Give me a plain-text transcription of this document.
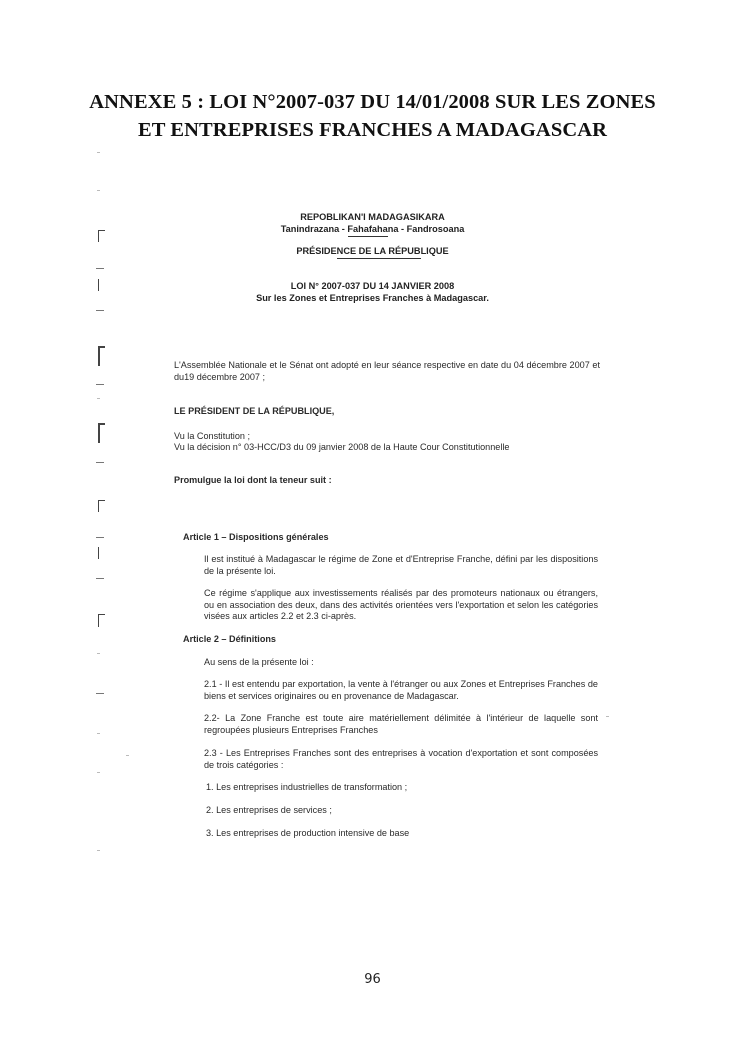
ANNEXE 5 : LOI N°2007-037 DU 14/01/2008 SUR LES ZONES
ET ENTREPRISES FRANCHES A MADAGASCAR
REPOBLIKAN'I MADAGASIKARA
Tanindrazana - Fahafahana - Fandrosoana
PRÉSIDENCE DE LA RÉPUBLIQUE
LOI N° 2007-037 DU 14 JANVIER 2008
Sur les Zones et Entreprises Franches à Madagascar.
L'Assemblée Nationale et le Sénat ont adopté en leur séance respective en date du 04 décembre 2007 et du19 décembre 2007 ;
LE PRÉSIDENT DE LA RÉPUBLIQUE,
Vu la Constitution ;
Vu la décision n° 03-HCC/D3 du 09 janvier 2008 de la Haute Cour Constitutionnelle
Promulgue la loi dont la teneur suit :
Article 1 – Dispositions générales
Il est institué à Madagascar le régime de Zone et d'Entreprise Franche, défini par les dispositions de la présente loi.
Ce régime s'applique aux investissements réalisés par des promoteurs nationaux ou étrangers, ou en association des deux, dans des activités orientées vers l'exportation et selon les catégories visées aux articles 2.2 et 2.3 ci-après.
Article 2 – Définitions
Au sens de la présente loi :
2.1 - Il est entendu par exportation, la vente à l'étranger ou aux Zones et Entreprises Franches de biens et services originaires ou en provenance de Madagascar.
2.2- La Zone Franche est toute aire matériellement délimitée à l'intérieur de laquelle sont regroupées plusieurs Entreprises Franches
2.3 - Les Entreprises Franches sont des entreprises à vocation d'exportation et sont composées de trois catégories :
1. Les entreprises industrielles de transformation ;
2. Les entreprises de services ;
3. Les entreprises de production intensive de base
96
